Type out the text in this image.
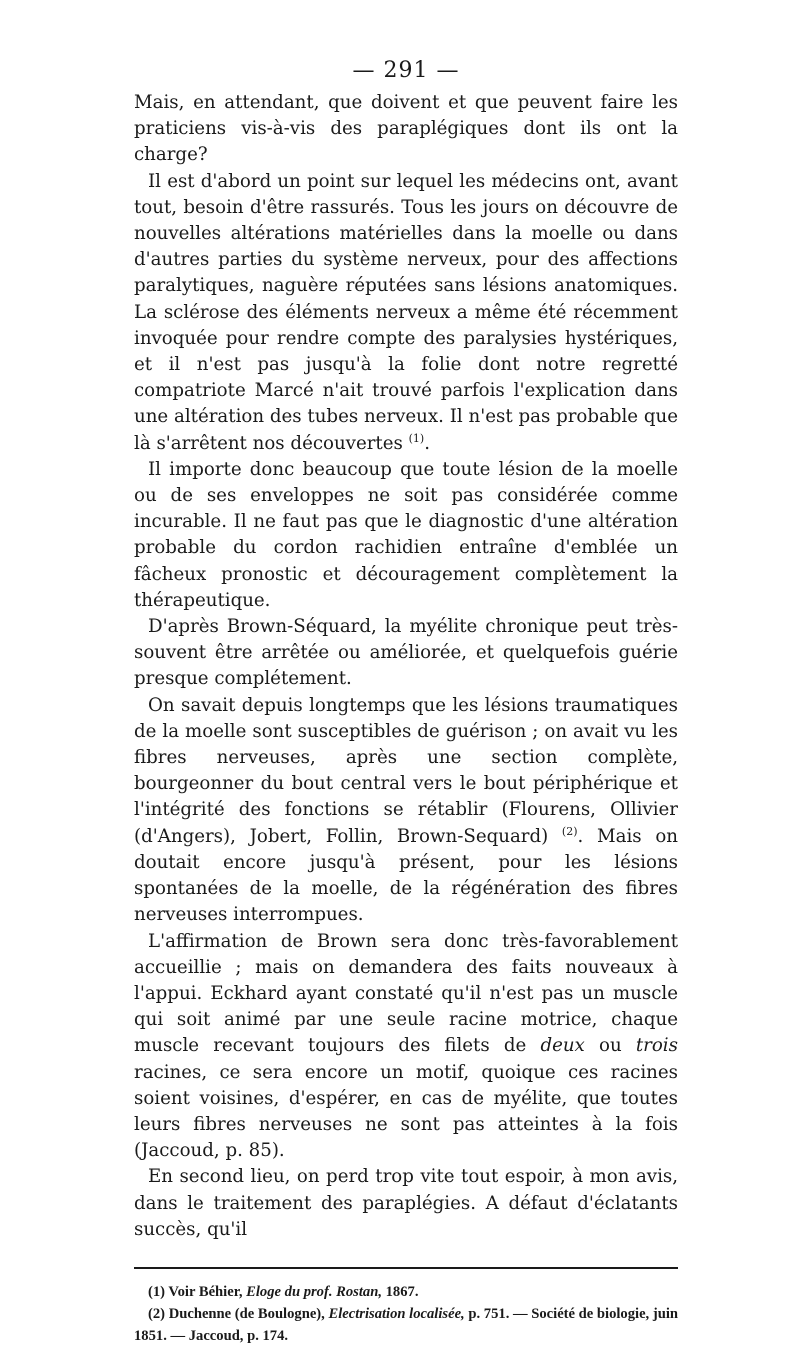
— 291 —

Mais, en attendant, que doivent et que peuvent faire les praticiens vis-à-vis des paraplégiques dont ils ont la charge?

Il est d'abord un point sur lequel les médecins ont, avant tout, besoin d'être rassurés. Tous les jours on découvre de nouvelles altérations matérielles dans la moelle ou dans d'autres parties du système nerveux, pour des affections paralytiques, naguère réputées sans lésions anatomiques. La sclérose des éléments nerveux a même été récemment invoquée pour rendre compte des paralysies hystériques, et il n'est pas jusqu'à la folie dont notre regretté compatriote Marcé n'ait trouvé parfois l'explication dans une altération des tubes nerveux. Il n'est pas probable que là s'arrêtent nos découvertes $^{(1)}$.

Il importe donc beaucoup que toute lésion de la moelle ou de ses enveloppes ne soit pas considérée comme incurable. Il ne faut pas que le diagnostic d'une altération probable du cordon rachidien entraîne d'emblée un fâcheux pronostic et découragement complètement la thérapeutique.

D'après Brown-Séquard, la myélite chronique peut très-souvent être arrêtée ou améliorée, et quelquefois guérie presque complétement.

On savait depuis longtemps que les lésions traumatiques de la moelle sont susceptibles de guérison ; on avait vu les fibres nerveuses, après une section complète, bourgeonner du bout central vers le bout périphérique et l'intégrité des fonctions se rétablir (Flourens, Ollivier (d'Angers), Jobert, Follin, Brown-Sequard) $^{(2)}$. Mais on doutait encore jusqu'à présent, pour les lésions spontanées de la moelle, de la régénération des fibres nerveuses interrompues.

L'affirmation de Brown sera donc très-favorablement accueillie ; mais on demandera des faits nouveaux à l'appui. Eckhard ayant constaté qu'il n'est pas un muscle qui soit animé par une seule racine motrice, chaque muscle recevant toujours des filets de deux ou trois racines, ce sera encore un motif, quoique ces racines soient voisines, d'espérer, en cas de myélite, que toutes leurs fibres nerveuses ne sont pas atteintes à la fois (Jaccoud, p. 85).

En second lieu, on perd trop vite tout espoir, à mon avis, dans le traitement des paraplégies. A défaut d'éclatants succès, qu'il

(1) Voir Béhier, Eloge du prof. Rostan, 1867.

(2) Duchenne (de Boulogne), Electrisation localisée, p. 751. — Société de biologie, juin 1851. — Jaccoud, p. 174.
